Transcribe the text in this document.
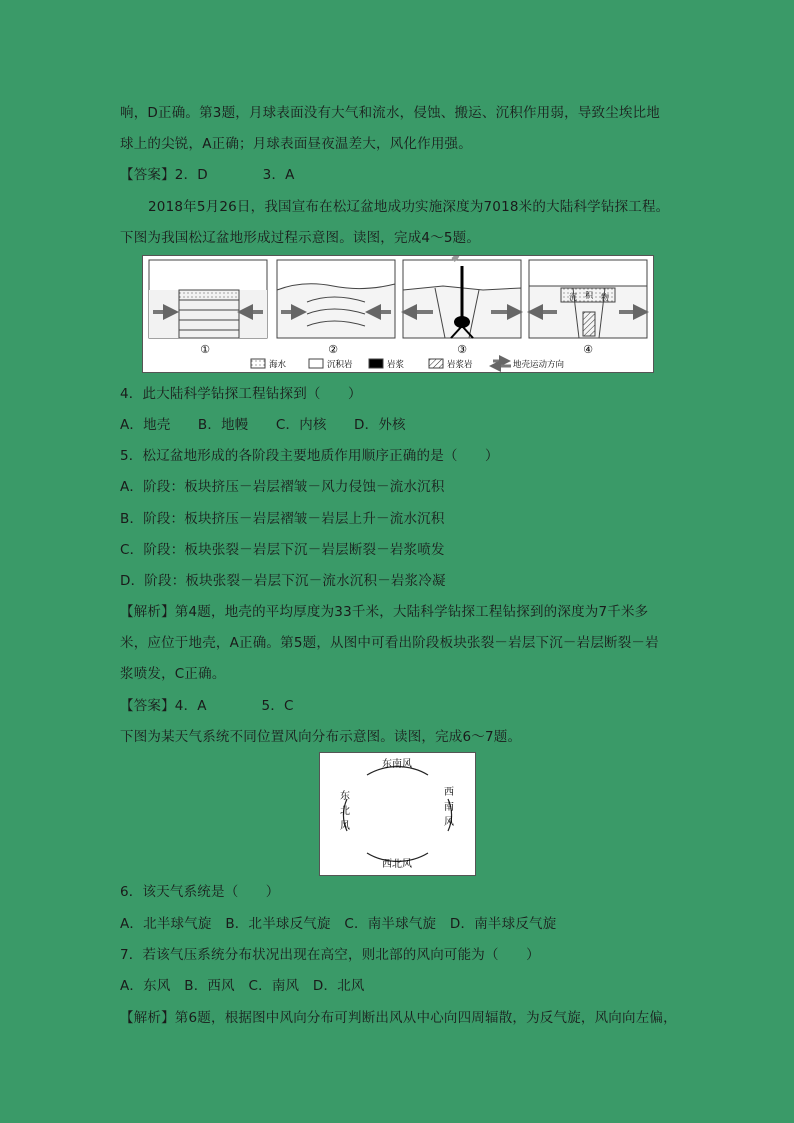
响，D正确。第3题，月球表面没有大气和流水，侵蚀、搬运、沉积作用弱，导致尘埃比地
球上的尖锐，A正确；月球表面昼夜温差大，风化作用强。
【答案】2．D　　　　3．A
2018年5月26日，我国宣布在松辽盆地成功实施深度为7018米的大陆科学钻探工程。
下图为我国松辽盆地形成过程示意图。读图，完成4～5题。
①	②	③
沉 积 物
④
海水	沉积岩	岩浆	岩浆岩	地壳运动方向
4．此大陆科学钻探工程钻探到（　　）
A．地壳　　B．地幔　　C．内核　　D．外核
5．松辽盆地形成的各阶段主要地质作用顺序正确的是（　　）
A．阶段：板块挤压－岩层褶皱－风力侵蚀－流水沉积
B．阶段：板块挤压－岩层褶皱－岩层上升－流水沉积
C．阶段：板块张裂－岩层下沉－岩层断裂－岩浆喷发
D．阶段：板块张裂－岩层下沉－流水沉积－岩浆冷凝
【解析】第4题，地壳的平均厚度为33千米，大陆科学钻探工程钻探到的深度为7千米多
米，应位于地壳，A正确。第5题，从图中可看出阶段板块张裂－岩层下沉－岩层断裂－岩
浆喷发，C正确。
【答案】4．A　　　　5．C
下图为某天气系统不同位置风向分布示意图。读图，完成6～7题。
东南风
西北风
东
北
风
西
南
风
6．该天气系统是（　　）
A．北半球气旋　B．北半球反气旋　C．南半球气旋　D．南半球反气旋
7．若该气压系统分布状况出现在高空，则北部的风向可能为（　　）
A．东风　B．西风　C．南风　D．北风
【解析】第6题，根据图中风向分布可判断出风从中心向四周辐散，为反气旋，风向向左偏，
